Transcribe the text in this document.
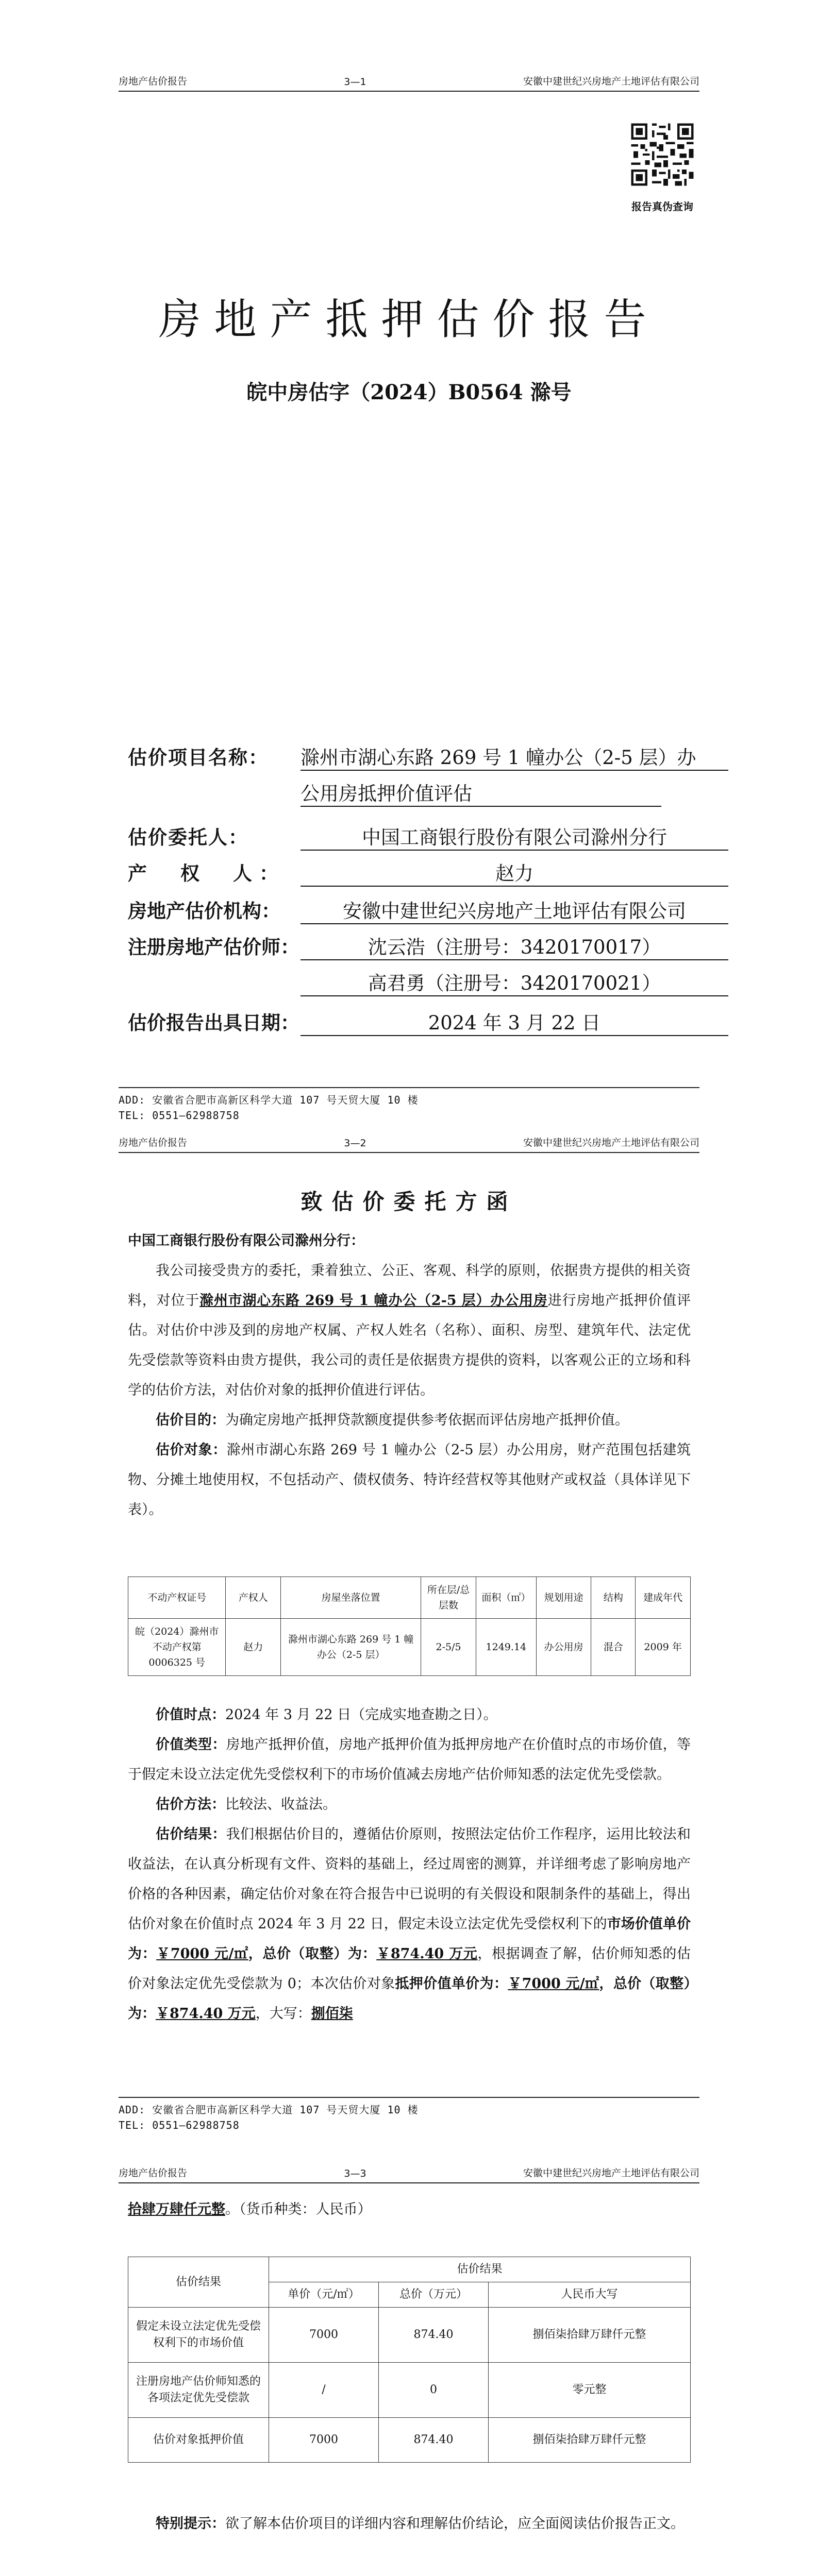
房地产估价报告	3—1	安徽中建世纪兴房地产土地评估有限公司
报告真伪查询
房地产抵押估价报告
皖中房估字（2024）B0564 滁号
估价项目名称： 滁州市湖心东路 269 号 1 幢办公（2-5 层）办
公用房抵押价值评估
估价委托人：	中国工商银行股份有限公司滁州分行
产　权　人：	赵力
房地产估价机构：	安徽中建世纪兴房地产土地评估有限公司
注册房地产估价师：	沈云浩（注册号：3420170017）
高君勇（注册号：3420170021）
估价报告出具日期：	2024 年 3 月 22 日
ADD: 安徽省合肥市高新区科学大道 107 号天贸大厦 10 楼
TEL: 0551—62988758
房地产估价报告	3—2	安徽中建世纪兴房地产土地评估有限公司
致估价委托方函

中国工商银行股份有限公司滁州分行：

我公司接受贵方的委托，秉着独立、公正、客观、科学的原则，依据贵方提供的相关资料，对位于滁州市湖心东路 269 号 1 幢办公（2-5 层）办公用房进行房地产抵押价值评估。对估价中涉及到的房地产权属、产权人姓名（名称）、面积、房型、建筑年代、法定优先受偿款等资料由贵方提供，我公司的责任是依据贵方提供的资料，以客观公正的立场和科学的估价方法，对估价对象的抵押价值进行评估。

估价目的：为确定房地产抵押贷款额度提供参考依据而评估房地产抵押价值。

估价对象：滁州市湖心东路 269 号 1 幢办公（2-5 层）办公用房，财产范围包括建筑物、分摊土地使用权，不包括动产、债权债务、特许经营权等其他财产或权益（具体详见下表）。

不动产权证号	产权人	房屋坐落位置	所在层/总层数	面积（㎡）	规划用途	结构	建成年代
皖（2024）滁州市不动产权第 0006325 号	赵力	滁州市湖心东路 269 号 1 幢办公（2-5 层）	2-5/5	1249.14	办公用房	混合	2009 年

价值时点：2024 年 3 月 22 日（完成实地查勘之日）。

价值类型：房地产抵押价值，房地产抵押价值为抵押房地产在价值时点的市场价值，等于假定未设立法定优先受偿权利下的市场价值减去房地产估价师知悉的法定优先受偿款。

估价方法：比较法、收益法。

估价结果：我们根据估价目的，遵循估价原则，按照法定估价工作程序，运用比较法和收益法，在认真分析现有文件、资料的基础上，经过周密的测算，并详细考虑了影响房地产价格的各种因素，确定估价对象在符合报告中已说明的有关假设和限制条件的基础上，得出估价对象在价值时点 2024 年 3 月 22 日，假定未设立法定优先受偿权利下的市场价值单价为：￥7000 元/㎡，总价（取整）为：￥874.40 万元，根据调查了解，估价师知悉的估价对象法定优先受偿款为 0；本次估价对象抵押价值单价为：￥7000 元/㎡，总价（取整）为：￥874.40 万元，大写：捌佰柒

ADD: 安徽省合肥市高新区科学大道 107 号天贸大厦 10 楼
TEL: 0551—62988758
房地产估价报告	3—3	安徽中建世纪兴房地产土地评估有限公司

拾肆万肆仟元整。（货币种类：人民币）

估价结果	估价结果		
	单价（元/㎡）	总价（万元）	人民币大写
假定未设立法定优先受偿权利下的市场价值	7000	874.40	捌佰柒拾肆万肆仟元整
注册房地产估价师知悉的各项法定优先受偿款	/	0	零元整
估价对象抵押价值	7000	874.40	捌佰柒拾肆万肆仟元整

特别提示：欲了解本估价项目的详细内容和理解估价结论，应全面阅读估价报告正文。
